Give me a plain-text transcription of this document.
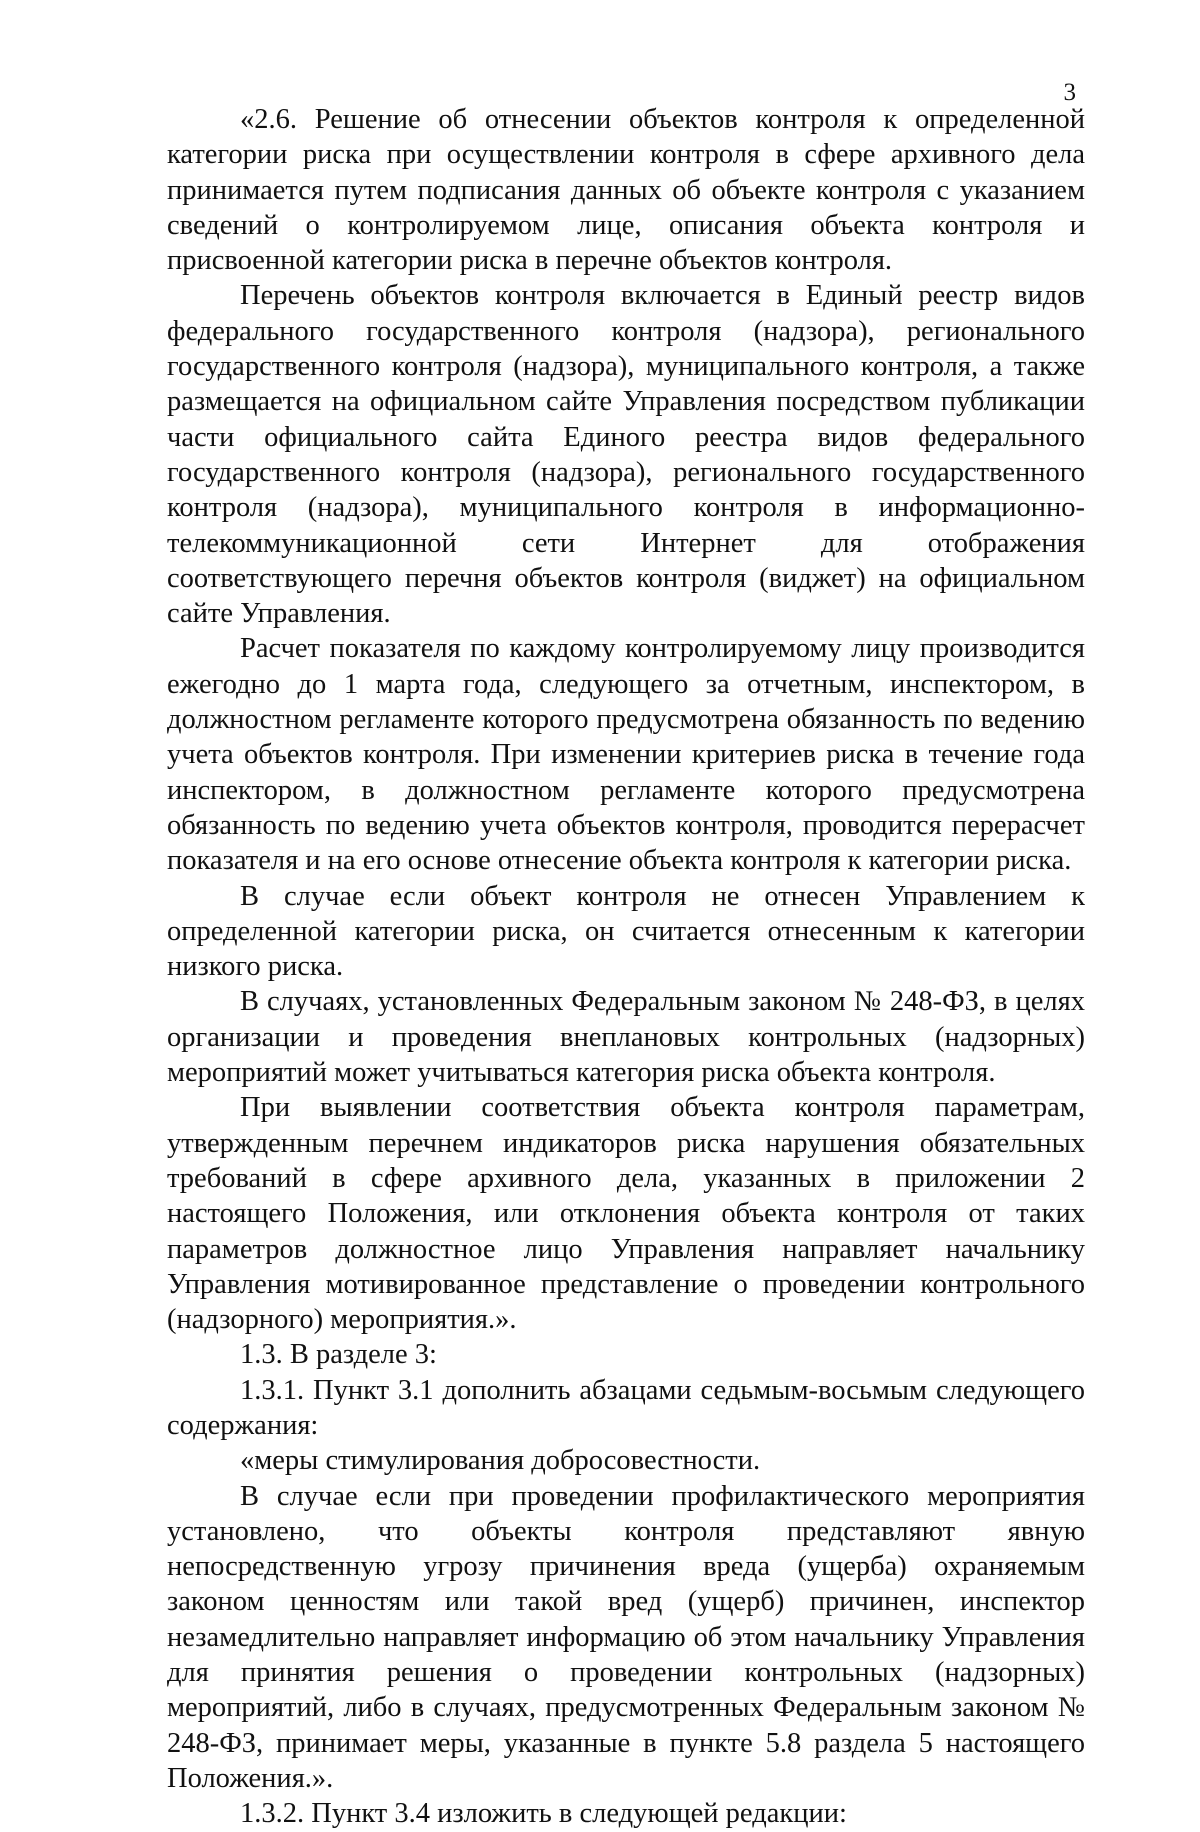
3

«2.6. Решение об отнесении объектов контроля к определенной категории риска при осуществлении контроля в сфере архивного дела принимается путем подписания данных об объекте контроля с указанием сведений о контролируемом лице, описания объекта контроля и присвоенной категории риска в перечне объектов контроля.

Перечень объектов контроля включается в Единый реестр видов федерального государственного контроля (надзора), регионального государственного контроля (надзора), муниципального контроля, а также размещается на официальном сайте Управления посредством публикации части официального сайта Единого реестра видов федерального государственного контроля (надзора), регионального государственного контроля (надзора), муниципального контроля в информационно-телекоммуникационной сети Интернет для отображения соответствующего перечня объектов контроля (виджет) на официальном сайте Управления.

Расчет показателя по каждому контролируемому лицу производится ежегодно до 1 марта года, следующего за отчетным, инспектором, в должностном регламенте которого предусмотрена обязанность по ведению учета объектов контроля. При изменении критериев риска в течение года инспектором, в должностном регламенте которого предусмотрена обязанность по ведению учета объектов контроля, проводится перерасчет показателя и на его основе отнесение объекта контроля к категории риска.

В случае если объект контроля не отнесен Управлением к определенной категории риска, он считается отнесенным к категории низкого риска.

В случаях, установленных Федеральным законом № 248-ФЗ, в целях организации и проведения внеплановых контрольных (надзорных) мероприятий может учитываться категория риска объекта контроля.

При выявлении соответствия объекта контроля параметрам, утвержденным перечнем индикаторов риска нарушения обязательных требований в сфере архивного дела, указанных в приложении 2 настоящего Положения, или отклонения объекта контроля от таких параметров должностное лицо Управления направляет начальнику Управления мотивированное представление о проведении контрольного (надзорного) мероприятия.».

1.3. В разделе 3:

1.3.1. Пункт 3.1 дополнить абзацами седьмым-восьмым следующего содержания:

«меры стимулирования добросовестности.

В случае если при проведении профилактического мероприятия установлено, что объекты контроля представляют явную непосредственную угрозу причинения вреда (ущерба) охраняемым законом ценностям или такой вред (ущерб) причинен, инспектор незамедлительно направляет информацию об этом начальнику Управления для принятия решения о проведении контрольных (надзорных) мероприятий, либо в случаях, предусмотренных Федеральным законом № 248-ФЗ, принимает меры, указанные в пункте 5.8 раздела 5 настоящего Положения.».

1.3.2. Пункт 3.4 изложить в следующей редакции:
